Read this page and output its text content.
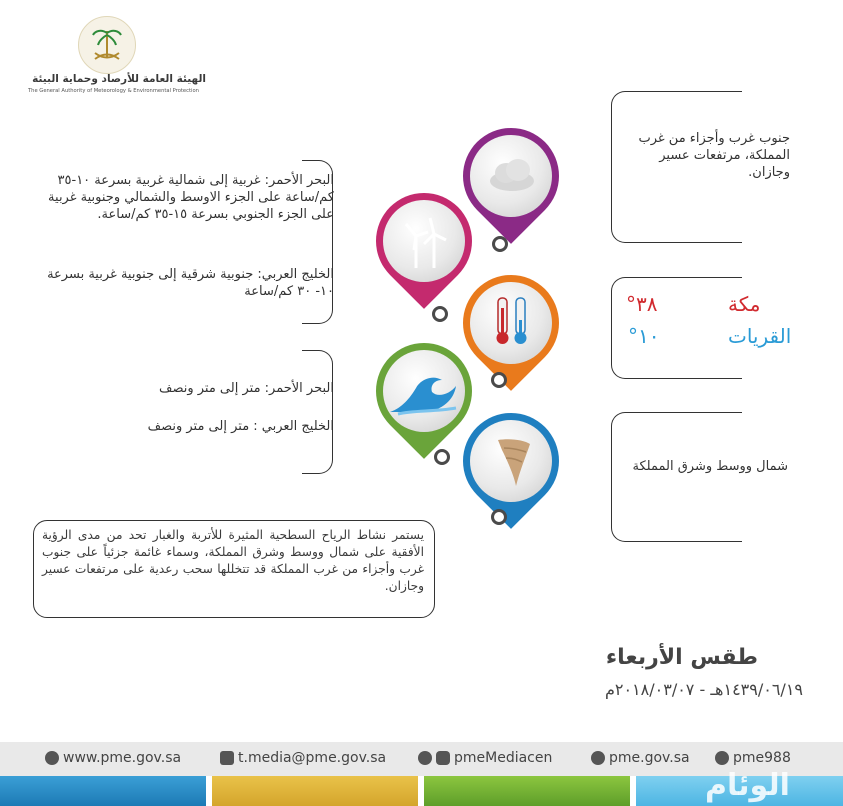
الهيئة العامة للأرصاد وحماية البيئة
The General Authority of Meteorology & Environmental Protection
البحر الأحمر: غربية إلى شمالية غربية بسرعة ١٠-٣٥ كم/ساعة على الجزء الاوسط والشمالي وجنوبية غربية على الجزء الجنوبي بسرعة ١٥-٣٥ كم/ساعة.
الخليج العربي: جنوبية شرقية إلى جنوبية غربية بسرعة ١٠- ٣٠ كم/ساعة
البحر الأحمر: متر إلى متر ونصف
الخليج العربي : متر إلى متر ونصف
جنوب غرب وأجزاء من غرب المملكة، مرتفعات عسير وجازان.
شمال ووسط وشرق المملكة
مكة
٣٨°
القريات
١٠°
يستمر نشاط الرياح السطحية المثيرة للأتربة والغبار تحد من مدى الرؤية الأفقية على شمال ووسط وشرق المملكة، وسماء غائمة جزئياً على جنوب غرب وأجزاء من غرب المملكة قد تتخللها سحب رعدية على مرتفعات عسير وجازان.
طقس الأربعاء
١٤٣٩/٠٦/١٩هـ - ٢٠١٨/٠٣/٠٧م
www.pme.gov.sa	t.media@pme.gov.sa	pmeMediacen	pme.gov.sa	pme988
الوئام
